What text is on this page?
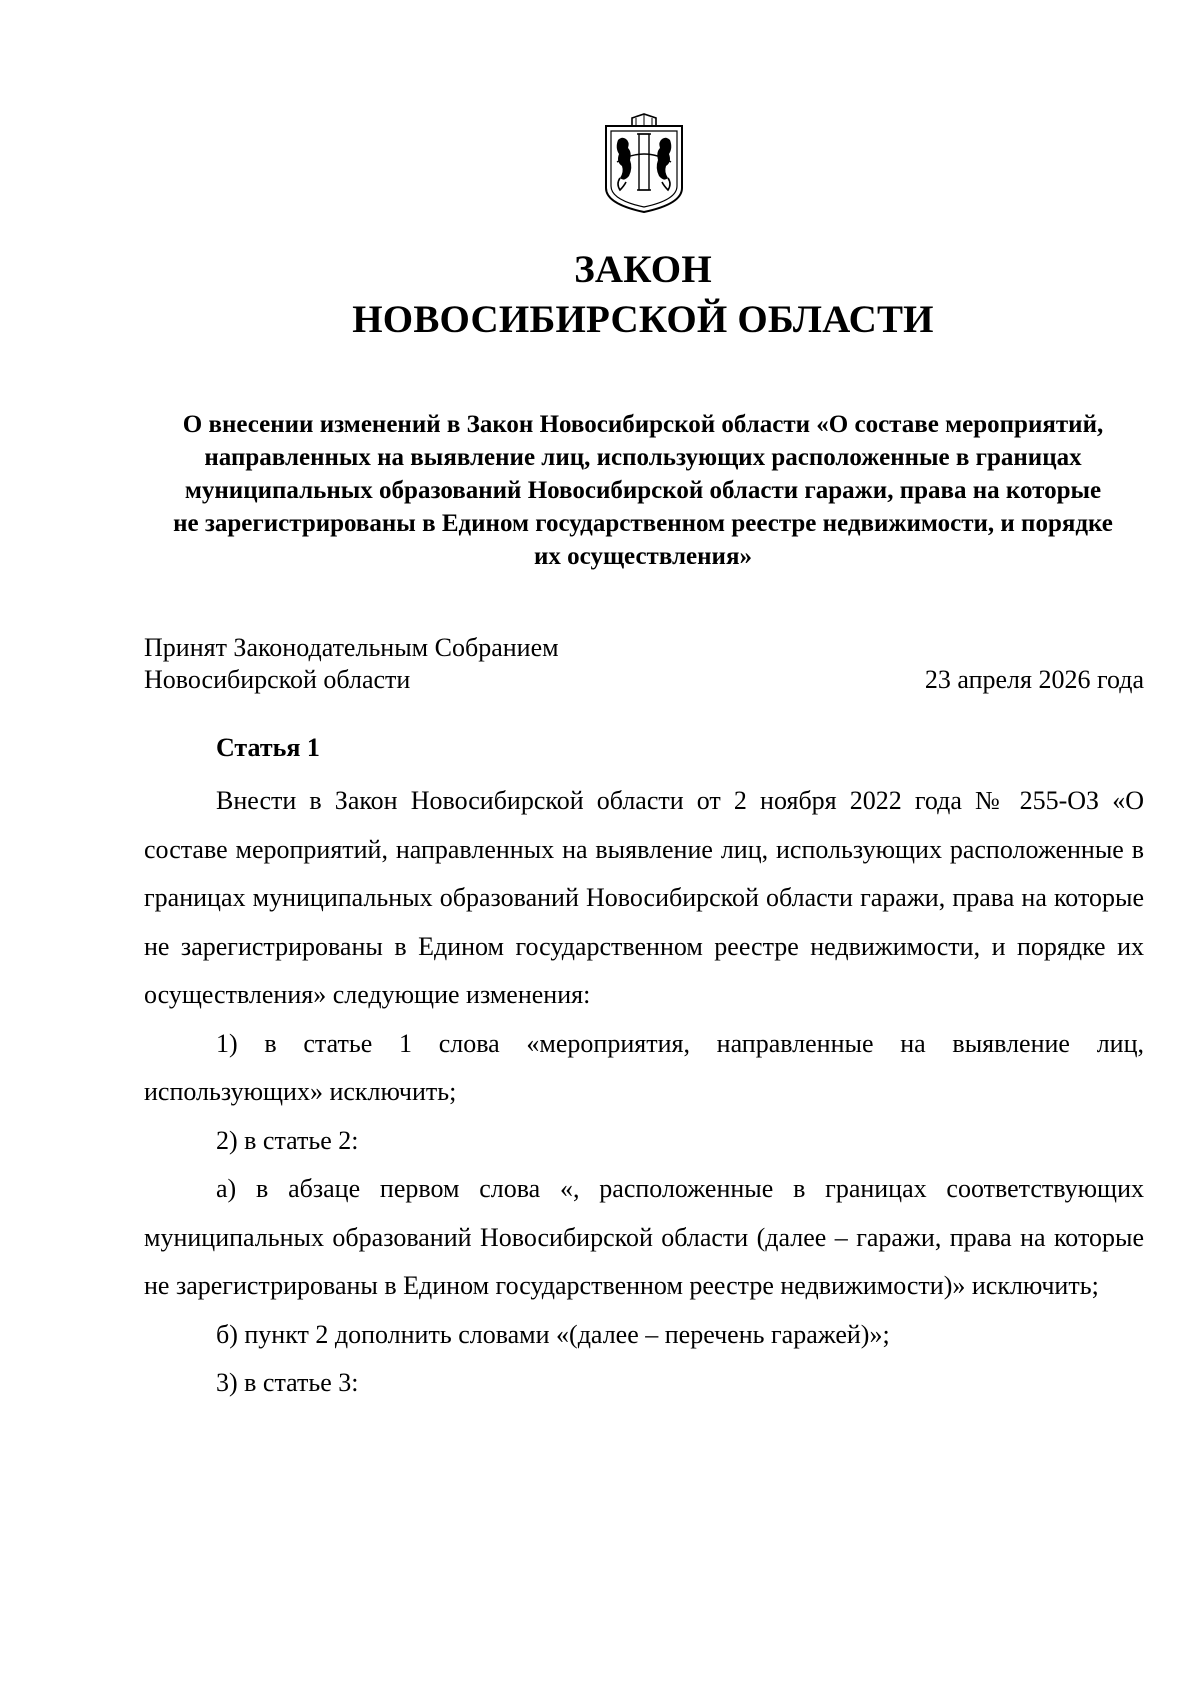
ЗАКОН
НОВОСИБИРСКОЙ ОБЛАСТИ

О внесении изменений в Закон Новосибирской области «О составе мероприятий, направленных на выявление лиц, использующих расположенные в границах муниципальных образований Новосибирской области гаражи, права на которые не зарегистрированы в Едином государственном реестре недвижимости, и порядке их осуществления»

Принят Законодательным Собранием
Новосибирской области	23 апреля 2026 года
Статья 1

Внести в Закон Новосибирской области от 2 ноября 2022 года № 255-ОЗ «О составе мероприятий, направленных на выявление лиц, использующих расположенные в границах муниципальных образований Новосибирской области гаражи, права на которые не зарегистрированы в Едином государственном реестре недвижимости, и порядке их осуществления» следующие изменения:

1) в статье 1 слова «мероприятия, направленные на выявление лиц, использующих» исключить;

2) в статье 2:

а) в абзаце первом слова «, расположенные в границах соответствующих муниципальных образований Новосибирской области (далее – гаражи, права на которые не зарегистрированы в Едином государственном реестре недвижимости)» исключить;

б) пункт 2 дополнить словами «(далее – перечень гаражей)»;

3) в статье 3:
